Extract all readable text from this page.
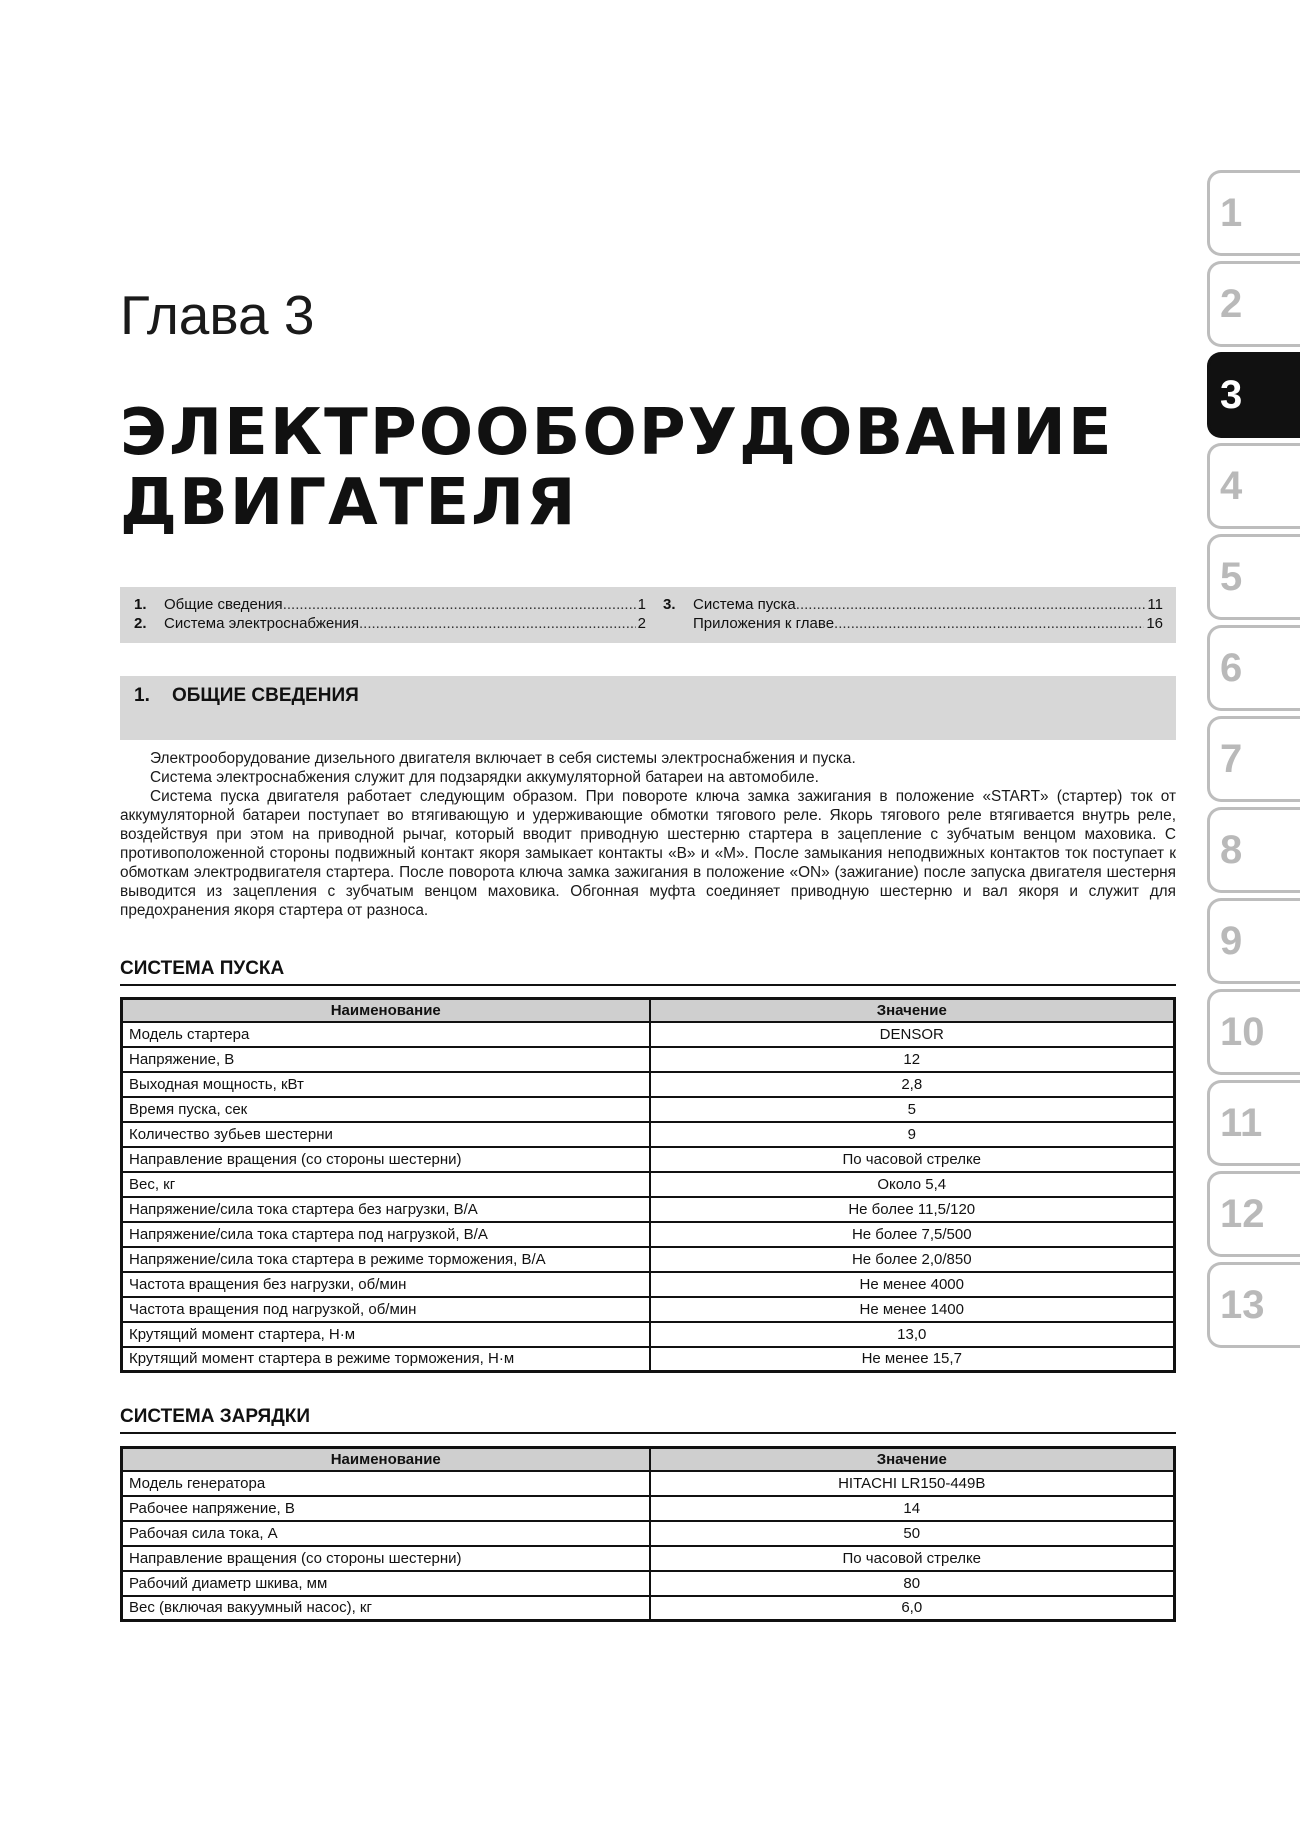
Глава 3
ЭЛЕКТРООБОРУДОВАНИЕ
ДВИГАТЕЛЯ
1.	Общие сведения .....	1
2.	Система электроснабжения .....	2
3.	Система пуска .....	11
Приложения к главе .....	16
1. ОБЩИЕ СВЕДЕНИЯ

Электрооборудование дизельного двигателя включает в себя системы электроснабжения и пуска.

Система электроснабжения служит для подзарядки аккумуляторной батареи на автомобиле.

Система пуска двигателя работает следующим образом. При повороте ключа замка зажигания в положение «START» (стартер) ток от аккумуляторной батареи поступает во втягивающую и удерживающие обмотки тягового реле. Якорь тягового реле втягивается внутрь реле, воздействуя при этом на приводной рычаг, который вводит приводную шестерню стартера в зацепление с зубчатым венцом маховика. С противоположенной стороны подвижный контакт якоря замыкает контакты «B» и «M». После замыкания неподвижных контактов ток поступает к обмоткам электродвигателя стартера. После поворота ключа замка зажигания в положение «ON» (зажигание) после запуска двигателя шестерня выводится из зацепления с зубчатым венцом маховика. Обгонная муфта соединяет приводную шестерню и вал якоря и служит для предохранения якоря стартера от разноса.

СИСТЕМА ПУСКА
Наименование	Значение
Модель стартера	DENSOR
Напряжение, В	12
Выходная мощность, кВт	2,8
Время пуска, сек	5
Количество зубьев шестерни	9
Направление вращения (со стороны шестерни)	По часовой стрелке
Вес, кг	Около 5,4
Напряжение/сила тока стартера без нагрузки, В/А	Не более 11,5/120
Напряжение/сила тока стартера под нагрузкой, В/А	Не более 7,5/500
Напряжение/сила тока стартера в режиме торможения, В/А	Не более 2,0/850
Частота вращения без нагрузки, об/мин	Не менее 4000
Частота вращения под нагрузкой, об/мин	Не менее 1400
Крутящий момент стартера, Н·м	13,0
Крутящий момент стартера в режиме торможения, Н·м	Не менее 15,7
СИСТЕМА ЗАРЯДКИ
Наименование	Значение
Модель генератора	HITACHI LR150-449B
Рабочее напряжение, В	14
Рабочая сила тока, А	50
Направление вращения (со стороны шестерни)	По часовой стрелке
Рабочий диаметр шкива, мм	80
Вес (включая вакуумный насос), кг	6,0
1
2
3
4
5
6
7
8
9
10
11
12
13
